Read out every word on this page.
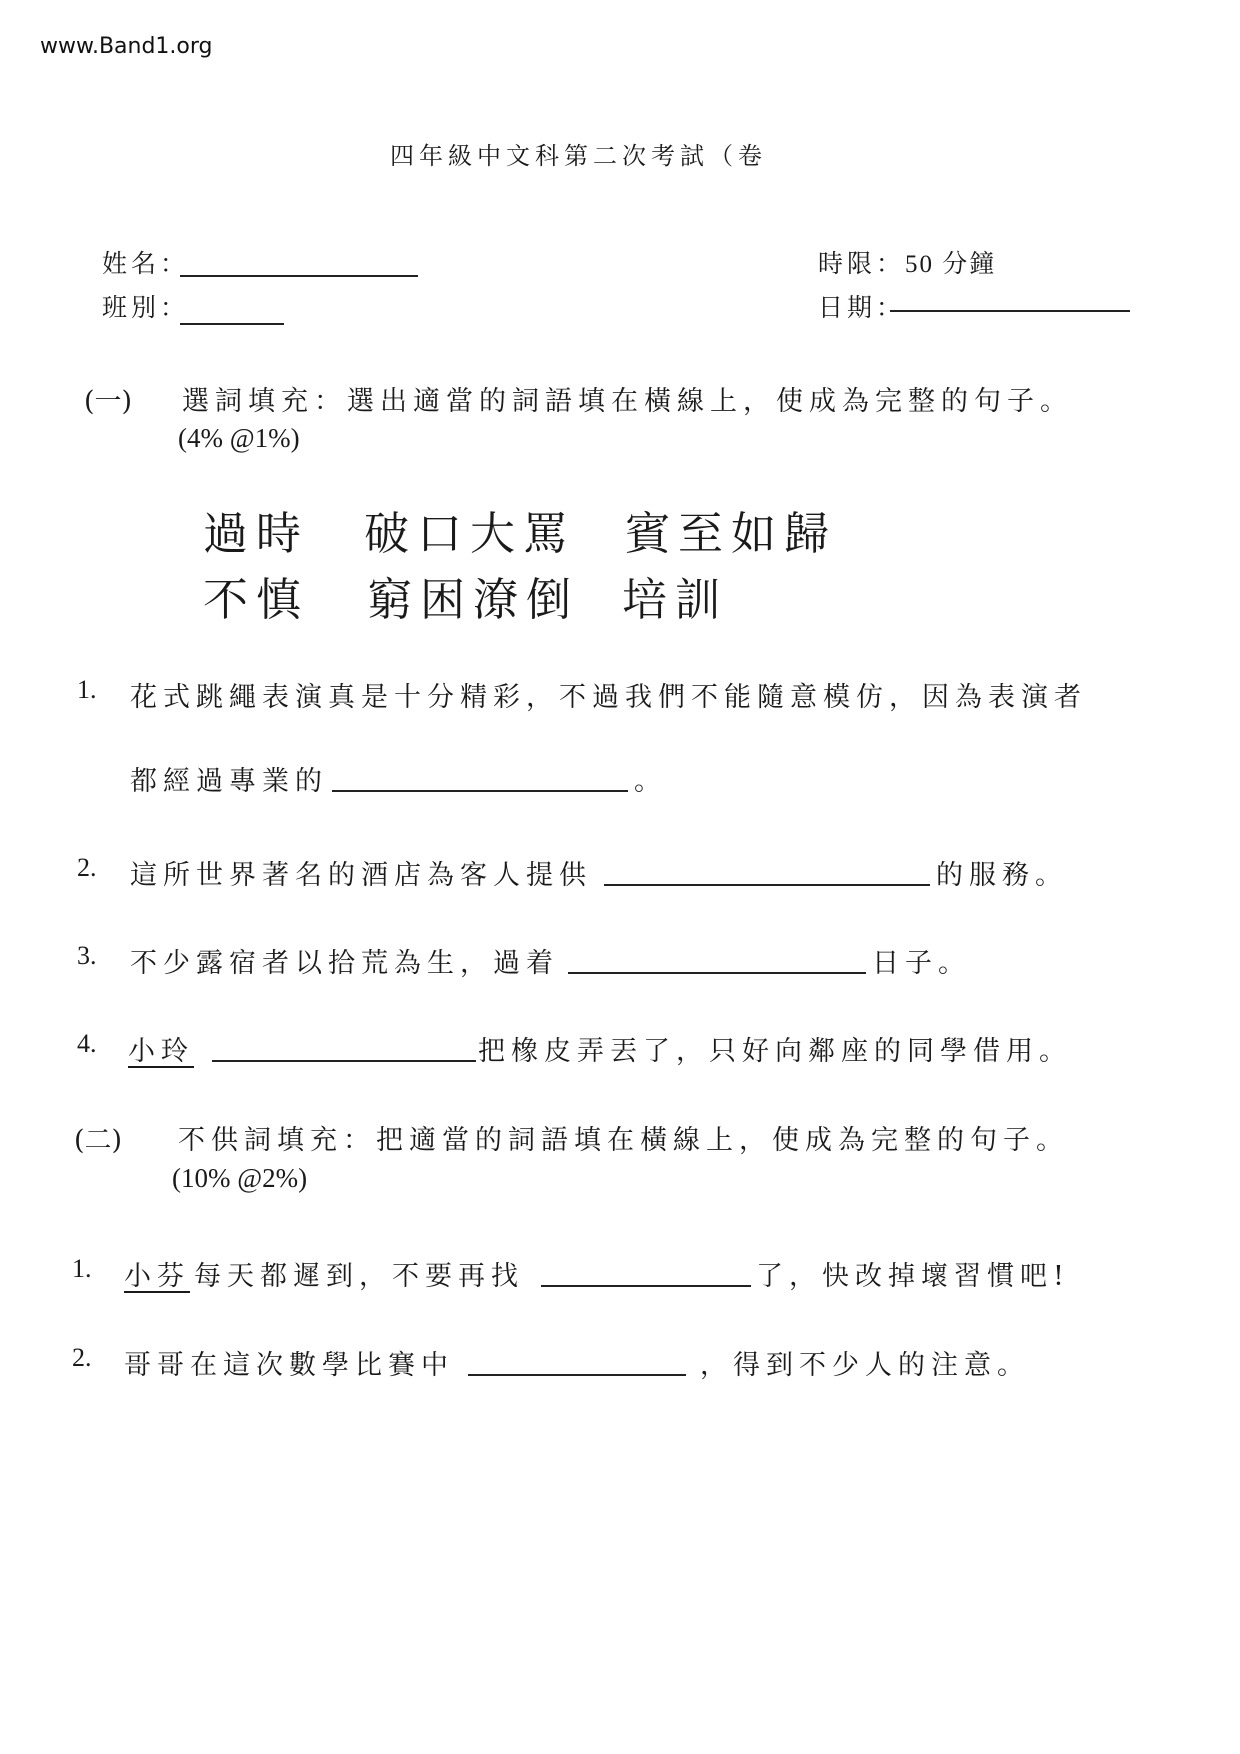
www.Band1.org
四年級中文科第二次考試（卷
姓名：
班別：
時限：50 分鐘
日期：
(一) 選詞填充：選出適當的詞語填在橫線上，使成為完整的句子。
(4% @1%)
過時 破口大罵 賓至如歸
不慎 窮困潦倒 培訓
1. 花式跳繩表演真是十分精彩，不過我們不能隨意模仿，因為表演者
都經過專業的	。
2. 這所世界著名的酒店為客人提供	的服務。
3. 不少露宿者以拾荒為生，過着	日子。
4. 小玲	把橡皮弄丟了，只好向鄰座的同學借用。
(二) 不供詞填充：把適當的詞語填在橫線上，使成為完整的句子。
(10% @2%)
1. 小芬 每天都遲到，不要再找	了，快改掉壞習慣吧!
2. 哥哥在這次數學比賽中	，得到不少人的注意。
